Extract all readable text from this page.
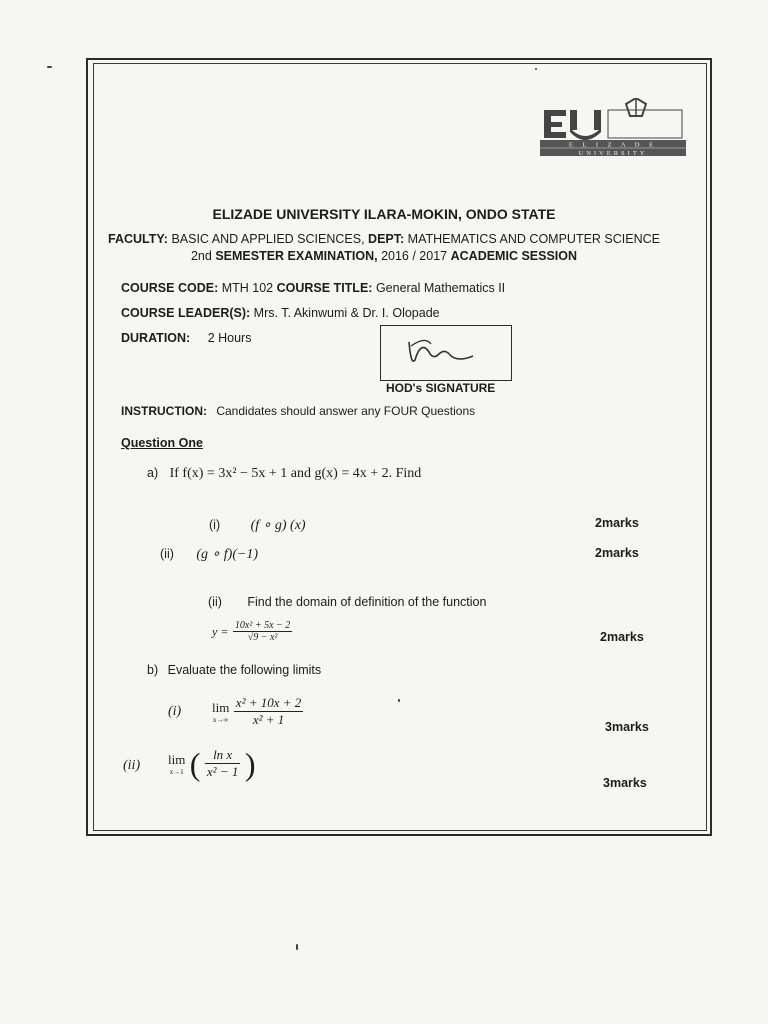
E L I Z A D E
UNIVERSITY
ELIZADE UNIVERSITY ILARA-MOKIN, ONDO STATE
FACULTY: BASIC AND APPLIED SCIENCES, DEPT: MATHEMATICS AND COMPUTER SCIENCE
2nd SEMESTER EXAMINATION, 2016 / 2017 ACADEMIC SESSION
COURSE CODE: MTH 102 COURSE TITLE: General Mathematics II
COURSE LEADER(S): Mrs. T. Akinwumi & Dr. I. Olopade
DURATION: 2 Hours
HOD's SIGNATURE
INSTRUCTION: Candidates should answer any FOUR Questions
Question One
a) If f(x) = 3x² − 5x + 1 and g(x) = 4x + 2. Find
(i) (f ∘ g) (x)	2marks
(ii) (g ∘ f)(−1)	2marks
(ii) Find the domain of definition of the function
$y = \frac{\text{10x² + 5x − 2}}{\text{√9 − x²}}$	2marks
b) Evaluate the following limits
(i) lim
x→∞
$\frac{\text{x² + 10x + 2}}{\text{x² + 1}}$	3marks
(ii) lim
x→1 ( $\frac{\text{ln x}}{\text{x² − 1}}$ )
3marks
